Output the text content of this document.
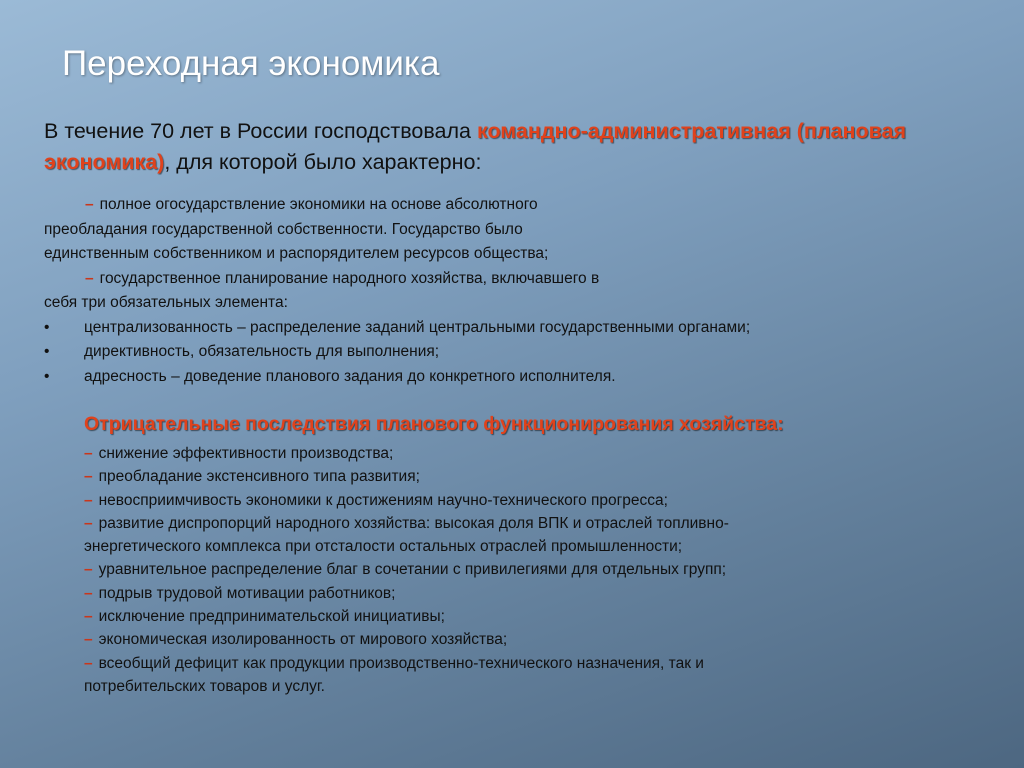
Переходная экономика
В течение 70 лет в России господствовала командно-административная (плановая экономика), для которой было характерно:
– полное огосударствление экономики на основе абсолютного
преобладания государственной собственности. Государство было
единственным собственником и распорядителем ресурсов общества;
– государственное планирование народного хозяйства, включавшего в
себя три обязательных элемента:
•	централизованность – распределение заданий центральными государственными органами;
•	директивность, обязательность для выполнения;
•	адресность – доведение планового задания до конкретного исполнителя.
Отрицательные последствия планового функционирования хозяйства:
– снижение эффективности производства;
– преобладание экстенсивного типа развития;
– невосприимчивость экономики к достижениям научно-технического прогресса;
– развитие диспропорций народного хозяйства: высокая доля ВПК и отраслей топливно-
энергетического комплекса при отсталости остальных отраслей промышленности;
– уравнительное распределение благ в сочетании с привилегиями для отдельных групп;
– подрыв трудовой мотивации работников;
– исключение предпринимательской инициативы;
– экономическая изолированность от мирового хозяйства;
– всеобщий дефицит как продукции производственно-технического назначения, так и
потребительских товаров и услуг.
